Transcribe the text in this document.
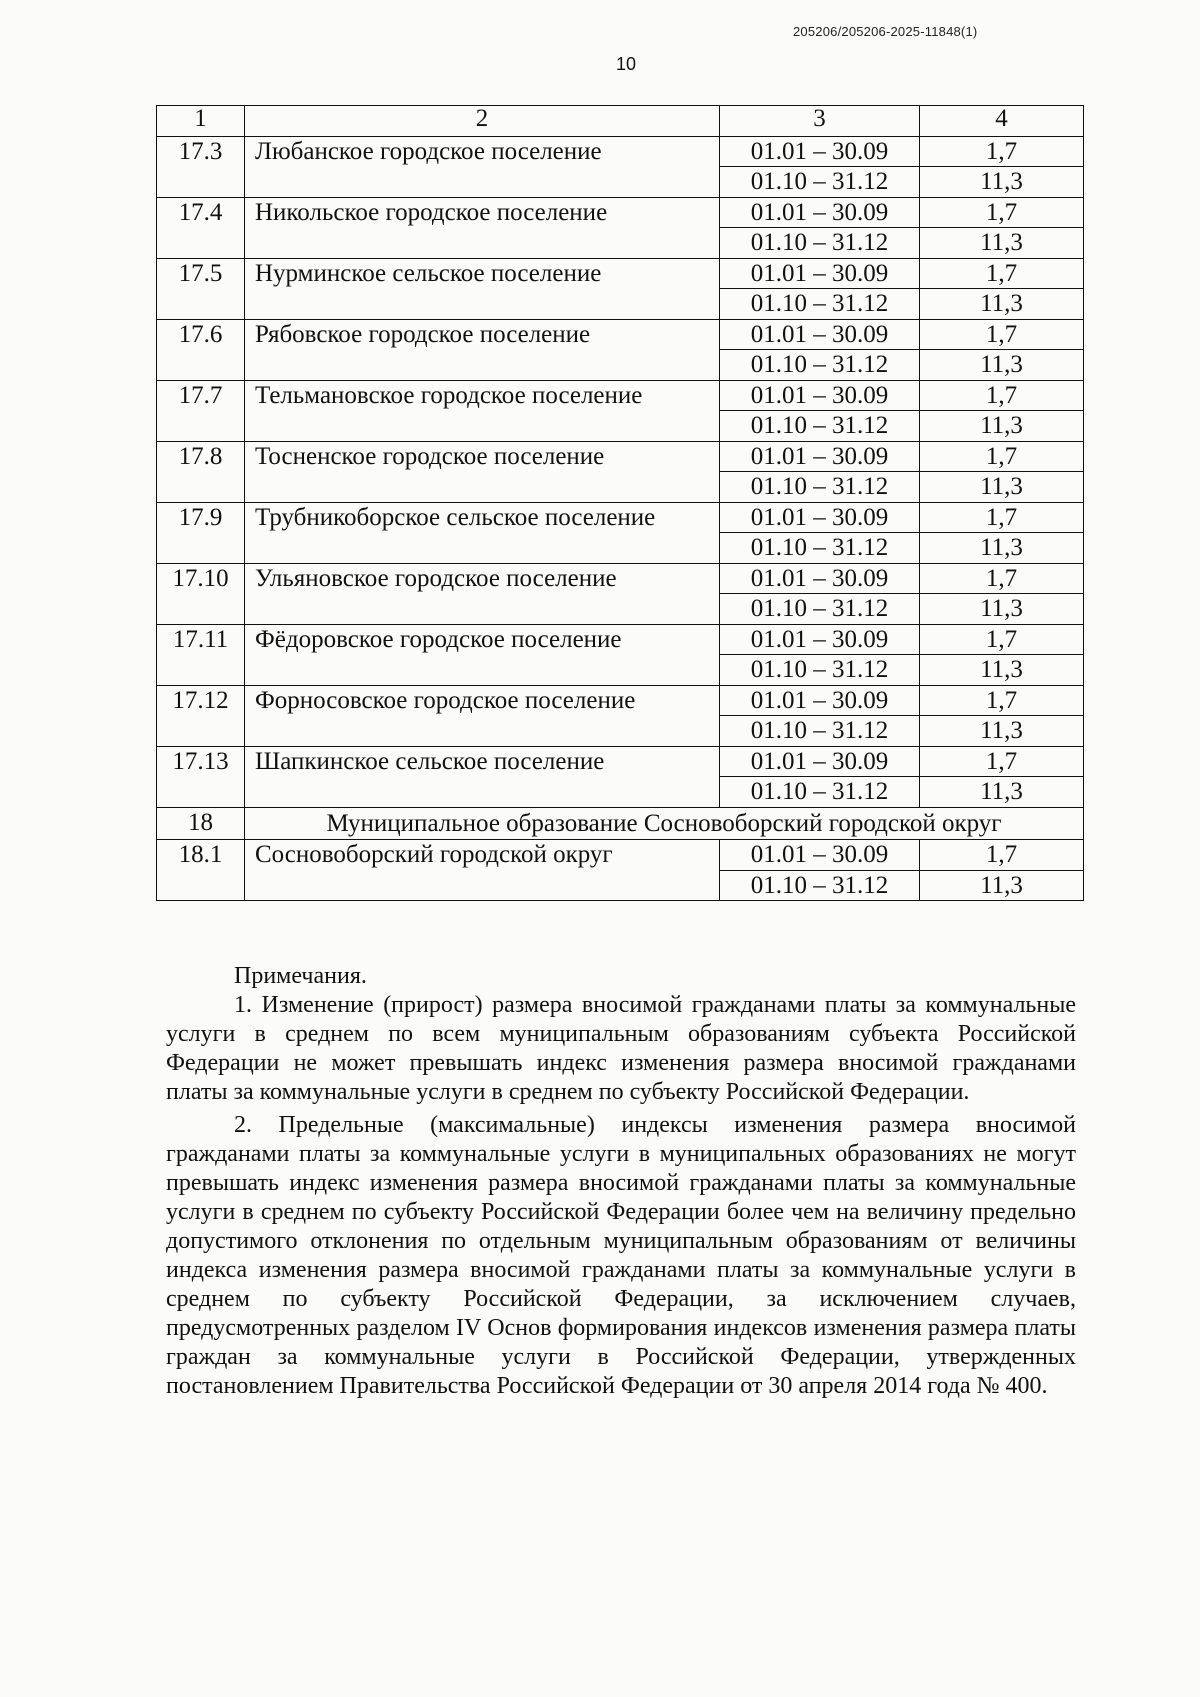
205206/205206-2025-11848(1)
10
1	2	3	4
17.3	Любанское городское поселение	01.01 – 30.09	1,7
		01.10 – 31.12	11,3
17.4	Никольское городское поселение	01.01 – 30.09	1,7
		01.10 – 31.12	11,3
17.5	Нурминское сельское поселение	01.01 – 30.09	1,7
		01.10 – 31.12	11,3
17.6	Рябовское городское поселение	01.01 – 30.09	1,7
		01.10 – 31.12	11,3
17.7	Тельмановское городское поселение	01.01 – 30.09	1,7
		01.10 – 31.12	11,3
17.8	Тосненское городское поселение	01.01 – 30.09	1,7
		01.10 – 31.12	11,3
17.9	Трубникоборское сельское поселение	01.01 – 30.09	1,7
		01.10 – 31.12	11,3
17.10	Ульяновское городское поселение	01.01 – 30.09	1,7
		01.10 – 31.12	11,3
17.11	Фёдоровское городское поселение	01.01 – 30.09	1,7
		01.10 – 31.12	11,3
17.12	Форносовское городское поселение	01.01 – 30.09	1,7
		01.10 – 31.12	11,3
17.13	Шапкинское сельское поселение	01.01 – 30.09	1,7
		01.10 – 31.12	11,3
18	Муниципальное образование Сосновоборский городской округ		
18.1	Сосновоборский городской округ	01.01 – 30.09	1,7
		01.10 – 31.12	11,3

Примечания.

1. Изменение (прирост) размера вносимой гражданами платы за коммунальные услуги в среднем по всем муниципальным образованиям субъекта Российской Федерации не может превышать индекс изменения размера вносимой гражданами платы за коммунальные услуги в среднем по субъекту Российской Федерации.

2. Предельные (максимальные) индексы изменения размера вносимой гражданами платы за коммунальные услуги в муниципальных образованиях не могут превышать индекс изменения размера вносимой гражданами платы за коммунальные услуги в среднем по субъекту Российской Федерации более чем на величину предельно допустимого отклонения по отдельным муниципальным образованиям от величины индекса изменения размера вносимой гражданами платы за коммунальные услуги в среднем по субъекту Российской Федерации, за исключением случаев, предусмотренных разделом IV Основ формирования индексов изменения размера платы граждан за коммунальные услуги в Российской Федерации, утвержденных постановлением Правительства Российской Федерации от 30 апреля 2014 года № 400.
